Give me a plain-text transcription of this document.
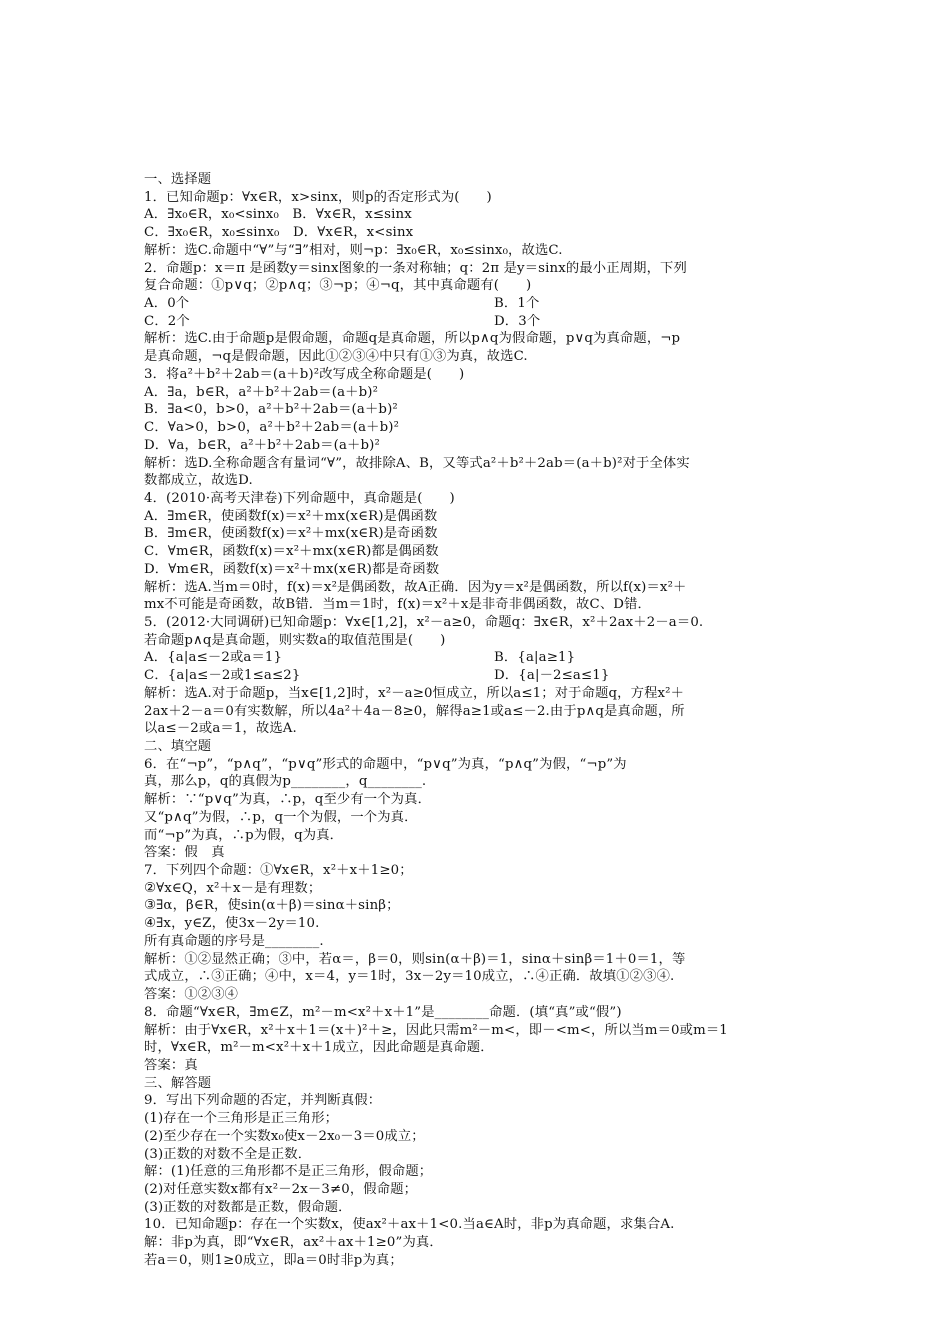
一、选择题
1．已知命题p：∀x∈R，x>sinx，则p的否定形式为(　　)
A．∃x₀∈R，x₀<sinx₀　B．∀x∈R，x≤sinx
C．∃x₀∈R，x₀≤sinx₀　D．∀x∈R，x<sinx
解析：选C.命题中“∀”与“∃”相对，则¬p：∃x₀∈R，x₀≤sinx₀，故选C.
2．命题p：x＝π 是函数y＝sinx图象的一条对称轴；q：2π 是y＝sinx的最小正周期，下列
复合命题：①p∨q；②p∧q；③¬p；④¬q，其中真命题有(　　)
A．0个	B．1个
C．2个	D．3个
解析：选C.由于命题p是假命题，命题q是真命题，所以p∧q为假命题，p∨q为真命题，¬p
是真命题，¬q是假命题，因此①②③④中只有①③为真，故选C.
3．将a²＋b²＋2ab＝(a＋b)²改写成全称命题是(　　)
A．∃a，b∈R，a²＋b²＋2ab＝(a＋b)²
B．∃a<0，b>0，a²＋b²＋2ab＝(a＋b)²
C．∀a>0，b>0，a²＋b²＋2ab＝(a＋b)²
D．∀a，b∈R，a²＋b²＋2ab＝(a＋b)²
解析：选D.全称命题含有量词“∀”，故排除A、B，又等式a²＋b²＋2ab＝(a＋b)²对于全体实
数都成立，故选D.
4．(2010·高考天津卷)下列命题中，真命题是(　　)
A．∃m∈R，使函数f(x)＝x²＋mx(x∈R)是偶函数
B．∃m∈R，使函数f(x)＝x²＋mx(x∈R)是奇函数
C．∀m∈R，函数f(x)＝x²＋mx(x∈R)都是偶函数
D．∀m∈R，函数f(x)＝x²＋mx(x∈R)都是奇函数
解析：选A.当m＝0时，f(x)＝x²是偶函数，故A正确．因为y＝x²是偶函数，所以f(x)＝x²＋
mx不可能是奇函数，故B错．当m＝1时，f(x)＝x²＋x是非奇非偶函数，故C、D错．
5．(2012·大同调研)已知命题p：∀x∈[1,2]，x²－a≥0，命题q：∃x∈R，x²＋2ax＋2－a＝0.
若命题p∧q是真命题，则实数a的取值范围是(　　)
A．{a|a≤－2或a＝1}	B．{a|a≥1}
C．{a|a≤－2或1≤a≤2}	D．{a|－2≤a≤1}
解析：选A.对于命题p，当x∈[1,2]时，x²－a≥0恒成立，所以a≤1；对于命题q，方程x²＋
2ax＋2－a＝0有实数解，所以4a²＋4a－8≥0，解得a≥1或a≤－2.由于p∧q是真命题，所
以a≤－2或a＝1，故选A.
二、填空题
6．在“¬p”，“p∧q”，“p∨q”形式的命题中，“p∨q”为真，“p∧q”为假，“¬p”为
真，那么p，q的真假为p________，q________.
解析：∵“p∨q”为真，∴p，q至少有一个为真．
又“p∧q”为假，∴p，q一个为假，一个为真．
而“¬p”为真，∴p为假，q为真．
答案：假　真
7．下列四个命题：①∀x∈R，x²＋x＋1≥0；
②∀x∈Q，x²＋x－是有理数；
③∃α，β∈R，使sin(α＋β)＝sinα＋sinβ；
④∃x，y∈Z，使3x－2y＝10.
所有真命题的序号是________.
解析：①②显然正确；③中，若α＝，β＝0，则sin(α＋β)＝1，sinα＋sinβ＝1＋0＝1，等
式成立，∴③正确；④中，x＝4，y＝1时，3x－2y＝10成立，∴④正确．故填①②③④.
答案：①②③④
8．命题“∀x∈R，∃m∈Z，m²－m<x²＋x＋1”是________命题．(填“真”或“假”)
解析：由于∀x∈R，x²＋x＋1＝(x＋)²＋≥，因此只需m²－m<，即－<m<，所以当m＝0或m＝1
时，∀x∈R，m²－m<x²＋x＋1成立，因此命题是真命题．
答案：真
三、解答题
9．写出下列命题的否定，并判断真假：
(1)存在一个三角形是正三角形；
(2)至少存在一个实数x₀使x－2x₀－3＝0成立；
(3)正数的对数不全是正数．
解：(1)任意的三角形都不是正三角形，假命题；
(2)对任意实数x都有x²－2x－3≠0，假命题；
(3)正数的对数都是正数，假命题．
10．已知命题p：存在一个实数x，使ax²＋ax＋1<0.当a∈A时，非p为真命题，求集合A.
解：非p为真，即“∀x∈R，ax²＋ax＋1≥0”为真．
若a＝0，则1≥0成立，即a＝0时非p为真；
